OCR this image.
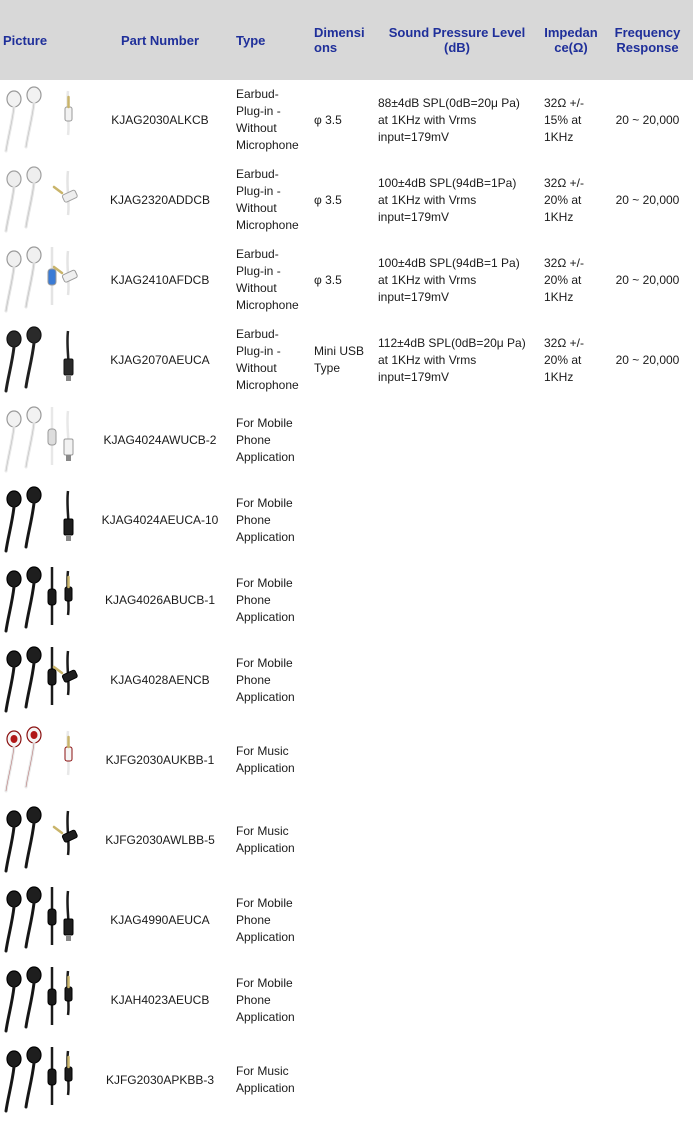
Picture	Part Number	Type	Dimensions	Sound Pressure Level (dB)	Impedance(Ω)	Frequency Response

	KJAG2030ALKCB	Earbud-
Plug-in -
Without
Microphone	φ 3.5	88±4dB SPL(0dB=20μ Pa)
at 1KHz with Vrms
input=179mV	32Ω +/-
15% at
1KHz	20 ~ 20,000

	KJAG2320ADDCB	Earbud-
Plug-in -
Without
Microphone	φ 3.5	100±4dB SPL(94dB=1Pa)
at 1KHz with Vrms
input=179mV	32Ω +/-
20% at
1KHz	20 ~ 20,000

	KJAG2410AFDCB	Earbud-
Plug-in -
Without
Microphone	φ 3.5	100±4dB SPL(94dB=1 Pa)
at 1KHz with Vrms
input=179mV	32Ω +/-
20% at
1KHz	20 ~ 20,000

	KJAG2070AEUCA	Earbud-
Plug-in -
Without
Microphone	Mini USB Type	112±4dB SPL(0dB=20μ Pa)
at 1KHz with Vrms
input=179mV	32Ω +/-
20% at
1KHz	20 ~ 20,000

	KJAG4024AWUCB-2	For Mobile
Phone
Application				

	KJAG4024AEUCA-10	For Mobile
Phone
Application				

	KJAG4026ABUCB-1	For Mobile
Phone
Application				

	KJAG4028AENCB	For Mobile
Phone
Application				

	KJFG2030AUKBB-1	For Music
Application				

	KJFG2030AWLBB-5	For Music
Application				

	KJAG4990AEUCA	For Mobile
Phone
Application				

	KJAH4023AEUCB	For Mobile
Phone
Application				

	KJFG2030APKBB-3	For Music
Application				
